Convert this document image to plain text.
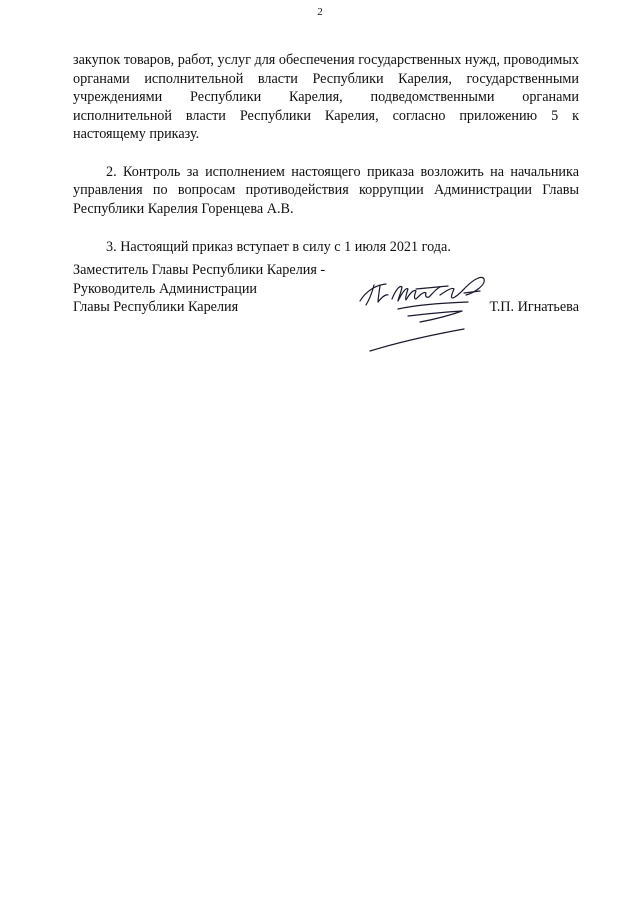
2

закупок товаров, работ, услуг для обеспечения государственных нужд, проводимых органами исполнительной власти Республики Карелия, государственными учреждениями Республики Карелия, подведомственными органами исполнительной власти Республики Карелия, согласно приложению 5 к настоящему приказу.

2. Контроль за исполнением настоящего приказа возложить на начальника управления по вопросам противодействия коррупции Администрации Главы Республики Карелия Горенцева А.В.

3. Настоящий приказ вступает в силу с 1 июля 2021 года.

Заместитель Главы Республики Карелия -
Руководитель Администрации
Главы Республики Карелия	Т.П. Игнатьева
